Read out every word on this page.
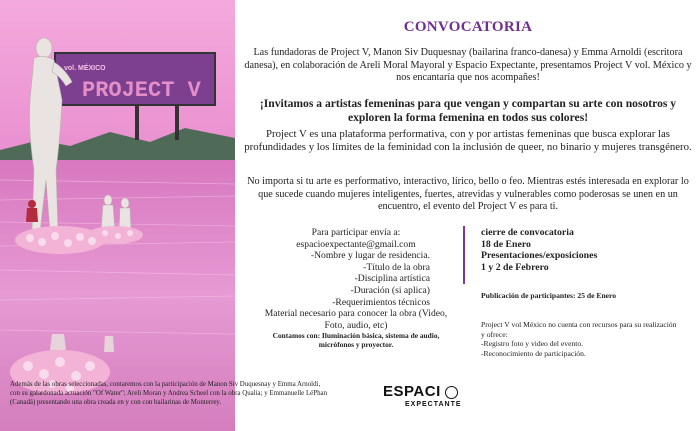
vol. MÉXICO
PROJECT V
CONVOCATORIA

Las fundadoras de Project V, Manon Siv Duquesnay (bailarina franco-danesa) y Emma Arnoldi (escritora danesa), en colaboración de Areli Moral Mayoral y Espacio Expectante, presentamos Project V vol. México y nos encantaría que nos acompañes!

¡Invitamos a artistas femeninas para que vengan y compartan su arte con nosotros y exploren la forma femenina en todos sus colores!

Project V es una plataforma performativa, con y por artistas femeninas que busca explorar las profundidades y los límites de la feminidad con la inclusión de queer, no binario y mujeres transgénero.

No importa si tu arte es performativo, interactivo, lírico, bello o feo. Mientras estés interesada en explorar lo que sucede cuando mujeres inteligentes, fuertes, atrevidas y vulnerables como poderosas se unen en un encuentro, el evento del Project V es para ti.

Para participar envía a:
espacioexpectante@gmail.com
-Nombre y lugar de residencia.
-Título de la obra
-Disciplina artística
-Duración (si aplica)
-Requerimientos técnicos
Material necesario para conocer la obra (Video, Foto, audio, etc)
Contamos con: Iluminación básica, sistema de audio, micrófonos y proyector.
cierre de convocatoria
18 de Enero
Presentaciones/exposiciones
1 y 2 de Febrero
Publicación de participantes: 25 de Enero
Project V vol México no cuenta con recursos para su realización y ofrece:
-Registro foto y video del evento.
-Reconocimiento de participación.
Además de las obras seleccionadas, contaremos con la participación de Manon Siv Duquesnay y Emma Arnoldi, con su galardonada actuación "Of Water"; Areli Moran y Andrea Scheel con la obra Qualia; y Emmanuelle LéPhan (Canadá) presentando una obra creada en y con con bailarinas de Monterrey.
ESPACI
EXPECTANTE
